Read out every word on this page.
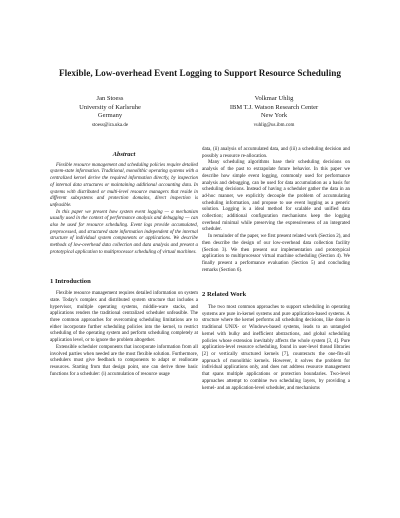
Flexible, Low-overhead Event Logging to Support Resource Scheduling
Jan Stoess
University of Karlsruhe
Germany
stoess@ira.uka.de
Volkmar Uhlig
IBM T.J. Watson Research Center
New York
vuhlig@us.ibm.com

Abstract

Flexible resource management and scheduling policies require detailed system-state information. Traditional, monolithic operating systems with a centralized kernel derive the required information directly, by inspection of internal data structures or maintaining additional accounting data. In systems with distributed or multi-level resource managers that reside in different subsystems and protection domains, direct inspection is unfeasible.

In this paper we present how system event logging — a mechanism usually used in the context of performance analysis and debugging — can also be used for resource scheduling. Event logs provide accumulated, preprocessed, and structured state information independent of the internal structure of individual system components or applications. We describe methods of low-overhead data collection and data analysis and present a prototypical application to multiprocessor scheduling of virtual machines.

1 Introduction

Flexible resource management requires detailed information on system state. Today's complex and distributed system structure that includes a hypervisor, multiple operating systems, middle-ware stacks, and applications renders the traditional centralized scheduler unfeasible. The three common approaches for overcoming scheduling limitations are to either incorporate further scheduling policies into the kernel, to restrict scheduling of the operating system and perform scheduling completely at application level, or to ignore the problem altogether.

Extensible scheduler components that incorporate information from all involved parties when needed are the most flexible solution. Furthermore, schedulers must give feedback to components to adapt or reallocate resources. Starting from that design point, one can derive three basic functions for a scheduler: (i) accumulation of resource usage

data, (ii) analysis of accumulated data, and (iii) a scheduling decision and possibly a resource re-allocation.

Many scheduling algorithms base their scheduling decisions on analysis of the past to extrapolate future behavior. In this paper we describe how simple event logging, commonly used for performance analysis and debugging, can be used for data accumulation as a basis for scheduling decisions. Instead of having a scheduler gather the data in an ad-hoc manner, we explicitly decouple the problem of accumulating scheduling information, and propose to use event logging as a generic solution. Logging is a ideal method for scalable and unified data collection; additional configuration mechanisms keep the logging overhead minimal while preserving the expressiveness of an integrated scheduler.

In remainder of the paper, we first present related work (Section 2), and then describe the design of our low-overhead data collection facility (Section 3). We then present our implementation and prototypical application to multiprocessor virtual machine scheduling (Section 4). We finally present a performance evaluation (Section 5) and concluding remarks (Section 6).

2 Related Work

The two most common approaches to support scheduling in operating systems are pure in-kernel systems and pure application-based systems. A structure where the kernel performs all scheduling decisions, like done in traditional UNIX- or Windows-based systems, leads to an untangled kernel with bulky and inefficient abstractions, and global scheduling policies whose extension inevitably affects the whole system [3, 4]. Pure application-level resource scheduling, found in user-level thread libraries [2] or vertically structured kernels [7], counteracts the one-fits-all approach of monolithic kernels. However, it solves the problem for individual applications only, and does not address resource management that spans multiple applications or protection boundaries. Two-level approaches attempt to combine two scheduling layers, by providing a kernel- and an application-level scheduler, and mechanisms
